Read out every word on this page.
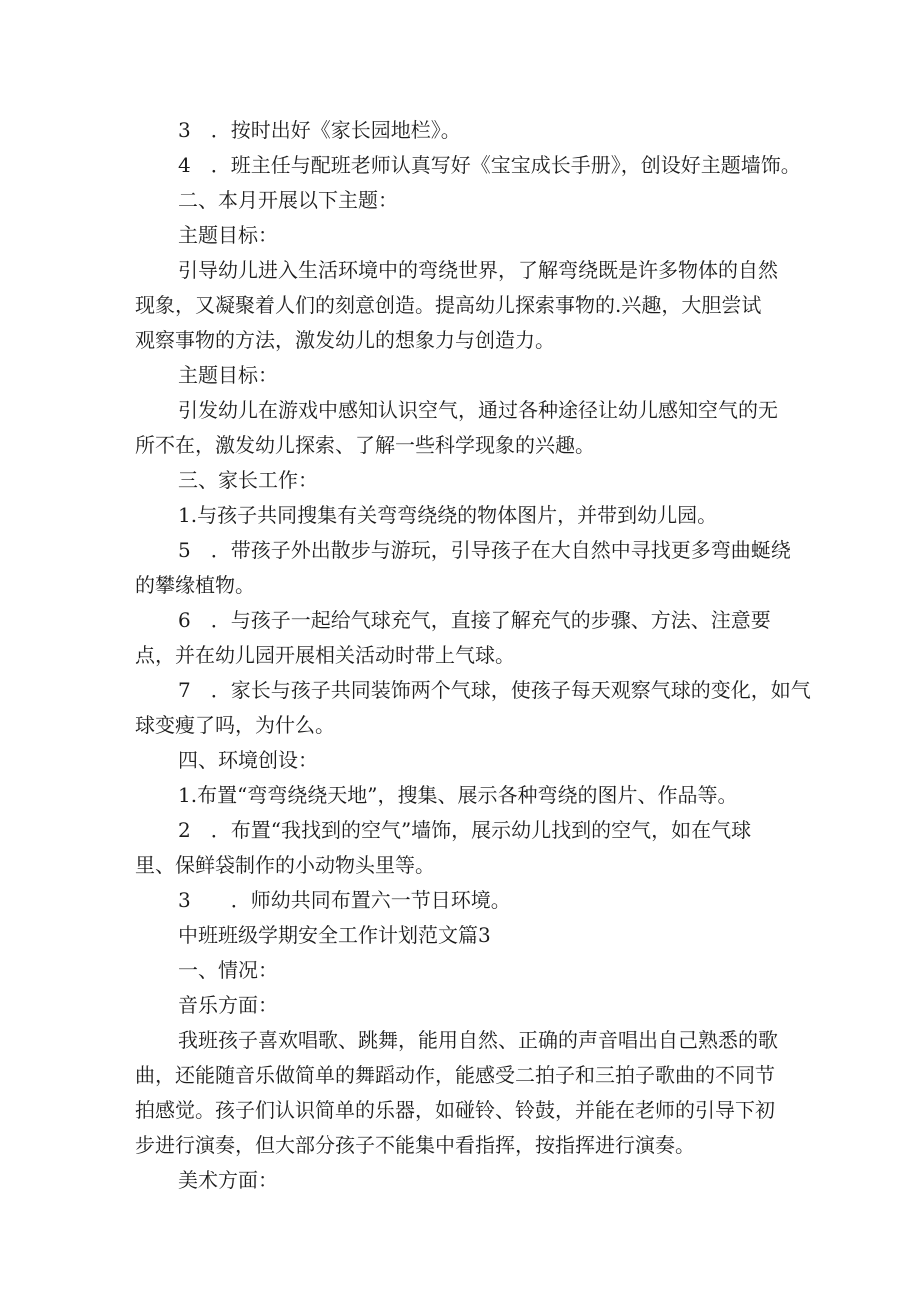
3　．按时出好《家长园地栏》。
4　．班主任与配班老师认真写好《宝宝成长手册》，创设好主题墙饰。
二、本月开展以下主题：
主题目标：
引导幼儿进入生活环境中的弯绕世界，了解弯绕既是许多物体的自然
现象，又凝聚着人们的刻意创造。提高幼儿探索事物的.兴趣，大胆尝试
观察事物的方法，激发幼儿的想象力与创造力。
主题目标：
引发幼儿在游戏中感知认识空气，通过各种途径让幼儿感知空气的无
所不在，激发幼儿探索、了解一些科学现象的兴趣。
三、家长工作：
1.与孩子共同搜集有关弯弯绕绕的物体图片，并带到幼儿园。
5　．带孩子外出散步与游玩，引导孩子在大自然中寻找更多弯曲蜒绕
的攀缘植物。
6　．与孩子一起给气球充气，直接了解充气的步骤、方法、注意要
点，并在幼儿园开展相关活动时带上气球。
7　．家长与孩子共同装饰两个气球，使孩子每天观察气球的变化，如气
球变瘦了吗，为什么。
四、环境创设：
1.布置“弯弯绕绕天地”，搜集、展示各种弯绕的图片、作品等。
2　．布置“我找到的空气”墙饰，展示幼儿找到的空气，如在气球
里、保鲜袋制作的小动物头里等。
3　　．师幼共同布置六一节日环境。
中班班级学期安全工作计划范文篇3
一、情况：
音乐方面：
我班孩子喜欢唱歌、跳舞，能用自然、正确的声音唱出自己熟悉的歌
曲，还能随音乐做简单的舞蹈动作，能感受二拍子和三拍子歌曲的不同节
拍感觉。孩子们认识简单的乐器，如碰铃、铃鼓，并能在老师的引导下初
步进行演奏，但大部分孩子不能集中看指挥，按指挥进行演奏。
美术方面：
